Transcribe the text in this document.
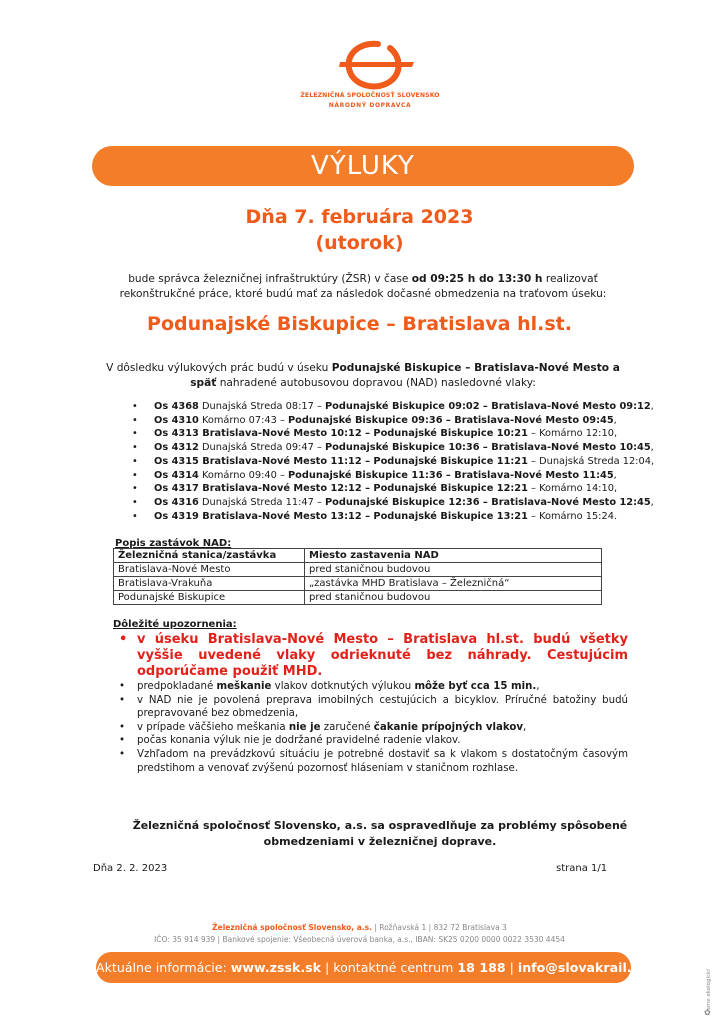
ŽELEZNIČNÁ SPOLOČNOSŤ SLOVENSKO
NÁRODNÝ DOPRAVCA
VÝLUKY
Dňa 7. februára 2023
(utorok)
bude správca železničnej infraštruktúry (ŽSR) v čase od 09:25 h do 13:30 h realizovať rekonštrukčné práce, ktoré budú mať za následok dočasné obmedzenia na traťovom úseku:
Podunajské Biskupice – Bratislava hl.st.
V dôsledku výlukových prác budú v úseku Podunajské Biskupice – Bratislava-Nové Mesto a späť nahradené autobusovou dopravou (NAD) nasledovné vlaky:
• Os 4368 Dunajská Streda 08:17 – Podunajské Biskupice 09:02 – Bratislava-Nové Mesto 09:12,
• Os 4310 Komárno 07:43 – Podunajské Biskupice 09:36 – Bratislava-Nové Mesto 09:45,
• Os 4313 Bratislava-Nové Mesto 10:12 – Podunajské Biskupice 10:21 – Komárno 12:10,
• Os 4312 Dunajská Streda 09:47 – Podunajské Biskupice 10:36 – Bratislava-Nové Mesto 10:45,
• Os 4315 Bratislava-Nové Mesto 11:12 – Podunajské Biskupice 11:21 – Dunajská Streda 12:04,
• Os 4314 Komárno 09:40 – Podunajské Biskupice 11:36 – Bratislava-Nové Mesto 11:45,
• Os 4317 Bratislava-Nové Mesto 12:12 – Podunajské Biskupice 12:21 – Komárno 14:10,
• Os 4316 Dunajská Streda 11:47 – Podunajské Biskupice 12:36 – Bratislava-Nové Mesto 12:45,
• Os 4319 Bratislava-Nové Mesto 13:12 – Podunajské Biskupice 13:21 – Komárno 15:24.
Popis zastávok NAD:
Železničná stanica/zastávka	Miesto zastavenia NAD
Bratislava-Nové Mesto	pred staničnou budovou
Bratislava-Vrakuňa	„zastávka MHD Bratislava – Železničná“
Podunajské Biskupice	pred staničnou budovou
Dôležité upozornenia:
• v úseku Bratislava-Nové Mesto – Bratislava hl.st. budú všetky vyššie uvedené vlaky odrieknuté bez náhrady. Cestujúcim odporúčame použiť MHD.
• predpokladané meškanie vlakov dotknutých výlukou môže byť cca 15 min.,
• v NAD nie je povolená preprava imobilných cestujúcich a bicyklov. Príručné batožiny budú prepravované bez obmedzenia,
• v prípade väčšieho meškania nie je zaručené čakanie prípojných vlakov,
• počas konania výluk nie je dodržané pravidelné radenie vlakov.
• Vzhľadom na prevádzkovú situáciu je potrebné dostaviť sa k vlakom s dostatočným časovým predstihom a venovať zvýšenú pozornosť hláseniam v staničnom rozhlase.
Železničná spoločnosť Slovensko, a.s. sa ospravedlňuje za problémy spôsobené obmedzeniami v železničnej doprave.
Dňa 2. 2. 2023	strana 1/1
Železničná spoločnosť Slovensko, a.s. | Rožňavská 1 | 832 72 Bratislava 3
IČO: 35 914 939 | Bankové spojenie: Všeobecná úverová banka, a.s., IBAN: SK25 0200 0000 0022 3530 4454
Aktuálne informácie: www.zssk.sk | kontaktné centrum 18 188 | info@slovakrail.sk
sme ekologickí
✿
